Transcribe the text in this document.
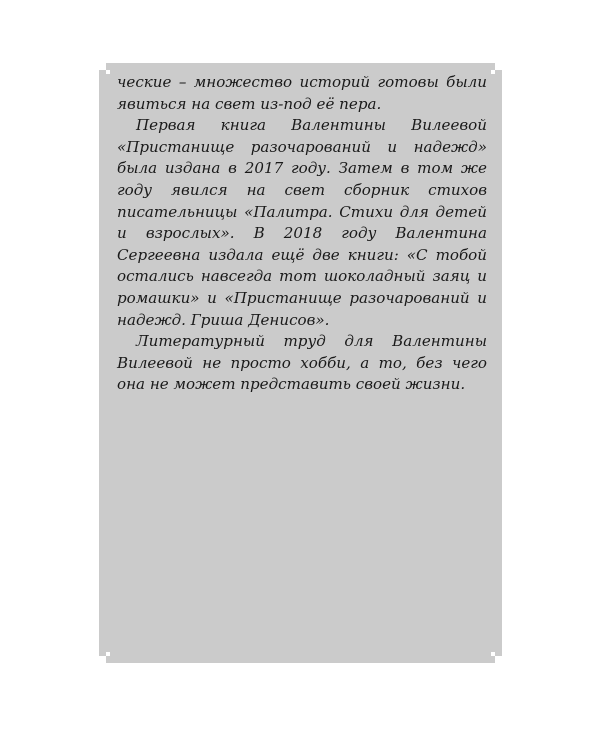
ческие – множество историй готовы были явиться на свет из-под её пера.

Первая книга Валентины Вилеевой «Пристанище разочарований и надежд» была издана в 2017 году. Затем в том же году явился на свет сборник стихов писательницы «Палитра. Стихи для детей и взрослых». В 2018 году Валентина Сергеевна издала ещё две книги: «С тобой остались навсегда тот шоколадный заяц и ромашки» и «Пристанище разочарований и надежд. Гриша Денисов».

Литературный труд для Валентины Вилеевой не просто хобби, а то, без чего она не может представить своей жизни.
